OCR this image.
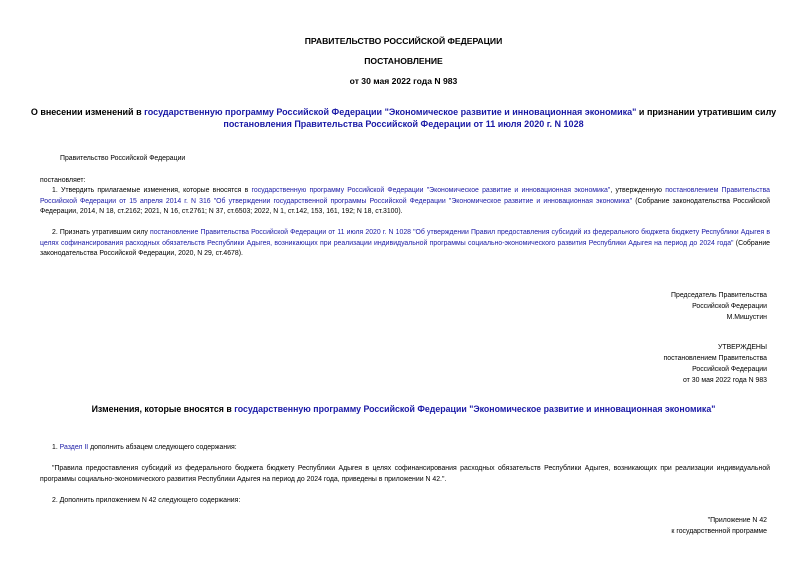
ПРАВИТЕЛЬСТВО РОССИЙСКОЙ ФЕДЕРАЦИИ
ПОСТАНОВЛЕНИЕ
от 30 мая 2022 года N 983
О внесении изменений в государственную программу Российской Федерации "Экономическое развитие и инновационная экономика" и признании утратившим силу постановления Правительства Российской Федерации от 11 июля 2020 г. N 1028
Правительство Российской Федерации
постановляет:
1. Утвердить прилагаемые изменения, которые вносятся в государственную программу Российской Федерации "Экономическое развитие и инновационная экономика", утвержденную постановлением Правительства Российской Федерации от 15 апреля 2014 г. N 316 "Об утверждении государственной программы Российской Федерации "Экономическое развитие и инновационная экономика" (Собрание законодательства Российской Федерации, 2014, N 18, ст.2162; 2021, N 16, ст.2761; N 37, ст.6503; 2022, N 1, ст.142, 153, 161, 192; N 18, ст.3100).
2. Признать утратившим силу постановление Правительства Российской Федерации от 11 июля 2020 г. N 1028 "Об утверждении Правил предоставления субсидий из федерального бюджета бюджету Республики Адыгея в целях софинансирования расходных обязательств Республики Адыгея, возникающих при реализации индивидуальной программы социально-экономического развития Республики Адыгея на период до 2024 года" (Собрание законодательства Российской Федерации, 2020, N 29, ст.4678).
Председатель Правительства
Российской Федерации
М.Мишустин
УТВЕРЖДЕНЫ
постановлением Правительства
Российской Федерации
от 30 мая 2022 года N 983
Изменения, которые вносятся в государственную программу Российской Федерации "Экономическое развитие и инновационная экономика"
1. Раздел II дополнить абзацем следующего содержания:
"Правила предоставления субсидий из федерального бюджета бюджету Республики Адыгея в целях софинансирования расходных обязательств Республики Адыгея, возникающих при реализации индивидуальной программы социально-экономического развития Республики Адыгея на период до 2024 года, приведены в приложении N 42.".
2. Дополнить приложением N 42 следующего содержания:
"Приложение N 42
к государственной программе
